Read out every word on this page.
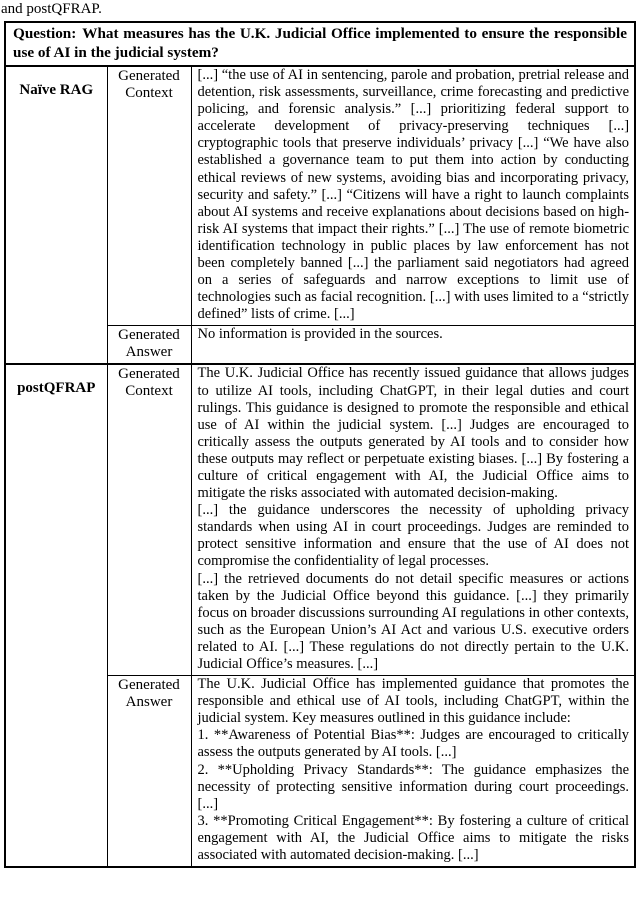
and postQFRAP.
Question: What measures has the U.K. Judicial Office implemented to ensure the responsible use of AI in the judicial system?		
Naïve RAG	Generated Context	[...] “the use of AI in sentencing, parole and probation, pretrial release and detention, risk assessments, surveillance, crime forecasting and predictive policing, and forensic analysis.” [...] prioritizing federal support to accelerate development of privacy-preserving techniques [...] cryptographic tools that preserve individuals’ privacy [...] “We have also established a governance team to put them into action by conducting ethical reviews of new systems, avoiding bias and incorporating privacy, security and safety.” [...] “Citizens will have a right to launch complaints about AI systems and receive explanations about decisions based on high-risk AI systems that impact their rights.” [...] The use of remote biometric identification technology in public places by law enforcement has not been completely banned [...] the parliament said negotiators had agreed on a series of safeguards and narrow exceptions to limit use of technologies such as facial recognition. [...] with uses limited to a “strictly defined” lists of crime. [...]

	Generated Answer	No information is provided in the sources.

postQFRAP	Generated Context	The U.K. Judicial Office has recently issued guidance that allows judges to utilize AI tools, including ChatGPT, in their legal duties and court rulings. This guidance is designed to promote the responsible and ethical use of AI within the judicial system. [...] Judges are encouraged to critically assess the outputs generated by AI tools and to consider how these outputs may reflect or perpetuate existing biases. [...] By fostering a culture of critical engagement with AI, the Judicial Office aims to mitigate the risks associated with automated decision-making.

[...] the guidance underscores the necessity of upholding privacy standards when using AI in court proceedings. Judges are reminded to protect sensitive information and ensure that the use of AI does not compromise the confidentiality of legal processes.

[...] the retrieved documents do not detail specific measures or actions taken by the Judicial Office beyond this guidance. [...] they primarily focus on broader discussions surrounding AI regulations in other contexts, such as the European Union’s AI Act and various U.S. executive orders related to AI. [...] These regulations do not directly pertain to the U.K. Judicial Office’s measures. [...]

	Generated Answer	The U.K. Judicial Office has implemented guidance that promotes the responsible and ethical use of AI tools, including ChatGPT, within the judicial system. Key measures outlined in this guidance include:

1. **Awareness of Potential Bias**: Judges are encouraged to critically assess the outputs generated by AI tools. [...]

2. **Upholding Privacy Standards**: The guidance emphasizes the necessity of protecting sensitive information during court proceedings. [...]

3. **Promoting Critical Engagement**: By fostering a culture of critical engagement with AI, the Judicial Office aims to mitigate the risks associated with automated decision-making. [...]
